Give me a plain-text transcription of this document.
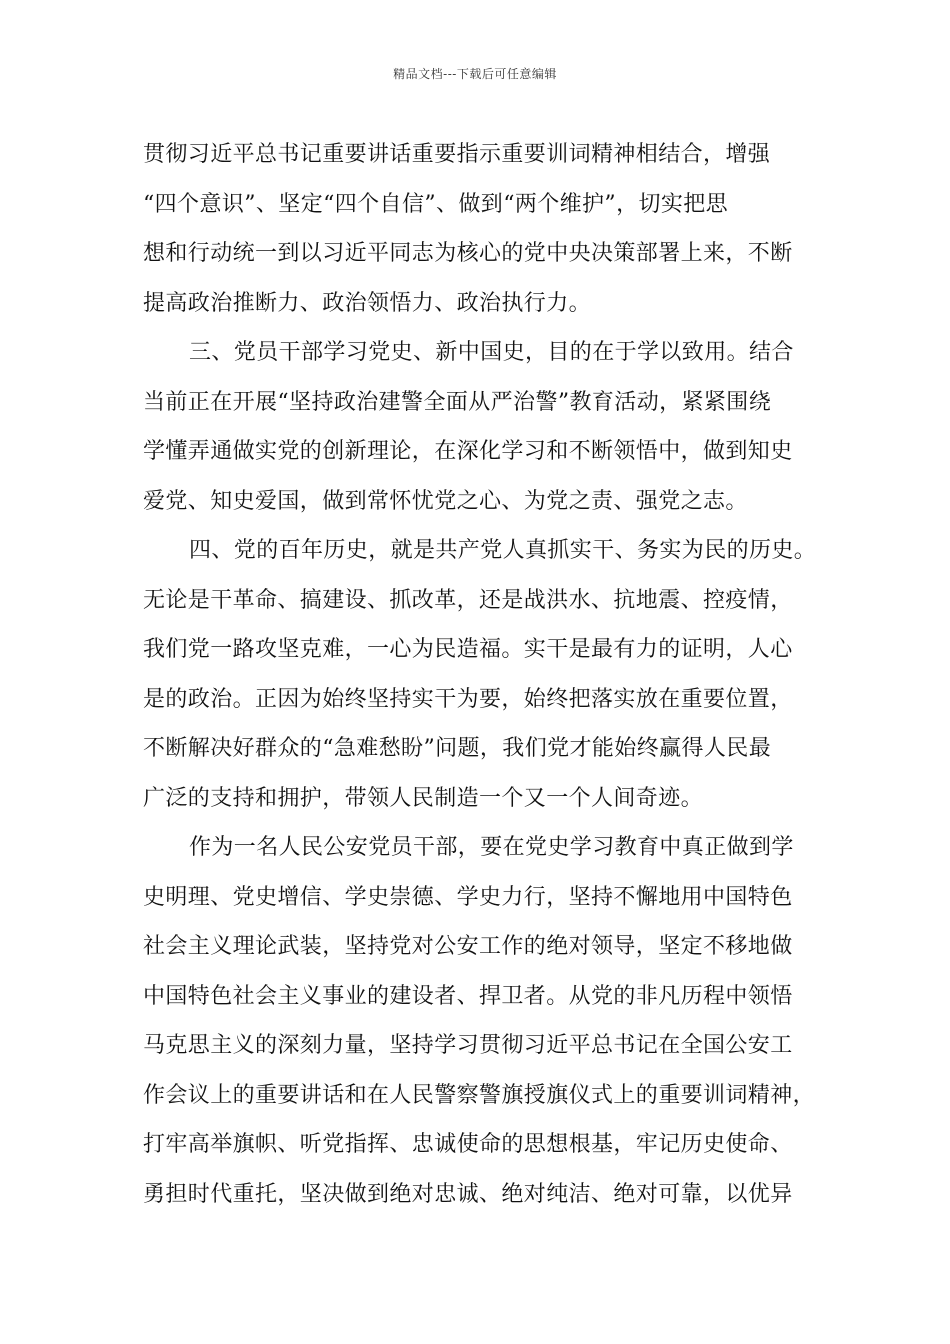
精品文档---下载后可任意编辑
贯彻习近平总书记重要讲话重要指示重要训词精神相结合，增强
“四个意识”、坚定“四个自信”、做到“两个维护”，切实把思
想和行动统一到以习近平同志为核心的党中央决策部署上来，不断
提高政治推断力、政治领悟力、政治执行力。
三、党员干部学习党史、新中国史，目的在于学以致用。结合
当前正在开展“坚持政治建警全面从严治警”教育活动，紧紧围绕
学懂弄通做实党的创新理论，在深化学习和不断领悟中，做到知史
爱党、知史爱国，做到常怀忧党之心、为党之责、强党之志。
四、党的百年历史，就是共产党人真抓实干、务实为民的历史。
无论是干革命、搞建设、抓改革，还是战洪水、抗地震、控疫情，
我们党一路攻坚克难，一心为民造福。实干是最有力的证明，人心
是的政治。正因为始终坚持实干为要，始终把落实放在重要位置，
不断解决好群众的“急难愁盼”问题，我们党才能始终赢得人民最
广泛的支持和拥护，带领人民制造一个又一个人间奇迹。
作为一名人民公安党员干部，要在党史学习教育中真正做到学
史明理、党史增信、学史崇德、学史力行，坚持不懈地用中国特色
社会主义理论武装，坚持党对公安工作的绝对领导，坚定不移地做
中国特色社会主义事业的建设者、捍卫者。从党的非凡历程中领悟
马克思主义的深刻力量，坚持学习贯彻习近平总书记在全国公安工
作会议上的重要讲话和在人民警察警旗授旗仪式上的重要训词精神，
打牢高举旗帜、听党指挥、忠诚使命的思想根基，牢记历史使命、
勇担时代重托，坚决做到绝对忠诚、绝对纯洁、绝对可靠，以优异
